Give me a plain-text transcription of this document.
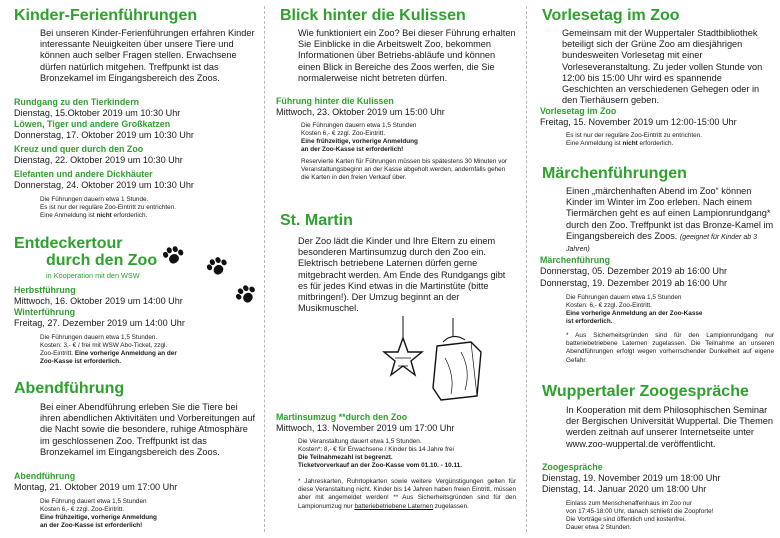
Kinder-Ferienführungen
Bei unseren Kinder-Ferienführungen erfahren Kinder interessante Neuigkeiten über unsere Tiere und können auch selber Fragen stellen. Erwachsene dürfen natürlich mitgehen. Treffpunkt ist das Bronzekamel im Eingangsbereich des Zoos.
Rundgang zu den Tierkindern
Dienstag, 15.Oktober 2019 um 10:30 Uhr
Löwen, Tiger und andere Großkatzen
Donnerstag, 17. Oktober 2019 um 10:30 Uhr
Kreuz und quer durch den Zoo
Dienstag, 22. Oktober 2019 um 10:30 Uhr
Elefanten und andere Dickhäuter
Donnerstag, 24. Oktober 2019 um 10:30 Uhr
Die Führungen dauern etwa 1 Stunde.
Es ist nur der reguläre Zoo-Eintritt zu entrichten.
Eine Anmeldung ist nicht erforderlich.
Entdeckertour
durch den Zoo
in Kooperation mit den WSW
Herbstführung
Mittwoch, 16. Oktober 2019 um 14:00 Uhr
Winterführung
Freitag, 27. Dezember 2019 um 14:00 Uhr
Die Führungen dauern etwa 1,5 Stunden.
Kosten: 3,- € / frei mit WSW Abo-Ticket, zzgl.
Zoo-Eintritt. Eine vorherige Anmeldung an der
Zoo-Kasse ist erforderlich.
Abendführung
Bei einer Abendführung erleben Sie die Tiere bei ihren abendlichen Aktivitäten und Vorbereitungen auf die Nacht sowie die besondere, ruhige Atmosphäre im geschlossenen Zoo. Treffpunkt ist das Bronzekamel im Eingangsbereich des Zoos.
Abendführung
Montag, 21. Oktober 2019 um 17:00 Uhr
Die Führung dauert etwa 1,5 Stunden
Kosten 6,- € zzgl. Zoo-Eintritt.
Eine frühzeitige, vorherige Anmeldung
an der Zoo-Kasse ist erforderlich!
Blick hinter die Kulissen
Wie funktioniert ein Zoo? Bei dieser Führung erhalten Sie Einblicke in die Arbeitswelt Zoo, bekommen Informationen über Betriebs-abläufe und können einen Blick in Bereiche des Zoos werfen, die Sie normalerweise nicht betreten dürfen.
Führung hinter die Kulissen
Mittwoch, 23. Oktober 2019 um 15:00 Uhr
Die Führungen dauern etwa 1,5 Stunden
Kosten 6,- € zzgl. Zoo-Eintritt.
Eine frühzeitige, vorherige Anmeldung
an der Zoo-Kasse ist erforderlich!
Reservierte Karten für Führungen müssen bis spätestens 30 Minuten vor Veranstaltungsbeginn an der Kasse abgeholt werden, andernfalls gehen die Karten in den freien Verkauf über.
St. Martin
Der Zoo lädt die Kinder und Ihre Eltern zu einem besonderen Martinsumzug durch den Zoo ein. Elektrisch betriebene Laternen dürfen gerne mitgebracht werden. Am Ende des Rundgangs gibt es für jedes Kind etwas in die Martinstüte (bitte mitbringen!). Der Umzug beginnt an der Musikmuschel.
Martinsumzug **durch den Zoo
Mittwoch, 13. November 2019 um 17:00 Uhr
Die Veranstaltung dauert etwa 1,5 Stunden.
Kosten*: 8,- € für Erwachsene / Kinder bis 14 Jahre frei
Die Teilnahmezahl ist begrenzt.
Ticketvorverkauf an der Zoo-Kasse vom 01.10. - 10.11.
* Jahreskarten, Ruhrtopkarten sowie weitere Vergünstigungen gelten für diese Veranstaltung nicht. Kinder bis 14 Jahren haben freien Eintritt, müssen aber mit angemeldet werden! ** Aus Sicherheitsgründen sind für den Lampionumzug nur batteriebetriebene Laternen zugelassen.
Vorlesetag im Zoo
Gemeinsam mit der Wuppertaler Stadtbibliothek beteiligt sich der Grüne Zoo am diesjährigen bundesweiten Vorlesetag mit einer Vorleseveranstaltung. Zu jeder vollen Stunde von 12:00 bis 15:00 Uhr wird es spannende Geschichten an verschiedenen Gehegen oder in den Tierhäusern geben.
Vorlesetag im Zoo
Freitag, 15. November 2019 um 12:00-15:00 Uhr
Es ist nur der reguläre Zoo-Eintritt zu entrichten.
Eine Anmeldung ist nicht erforderlich.
Märchenführungen
Einen „märchenhaften Abend im Zoo“ können Kinder im Winter im Zoo erleben. Nach einem Tiermärchen geht es auf einen Lampionrundgang* durch den Zoo. Treffpunkt ist das Bronze-Kamel im Eingangsbereich des Zoos. (geeignet für Kinder ab 3 Jahren)
Märchenführung
Donnerstag, 05. Dezember 2019 ab 16:00 Uhr
Donnerstag, 19. Dezember 2019 ab 16:00 Uhr
Die Führungen dauern etwa 1,5 Stunden
Kosten: 6,- € zzgl. Zoo-Eintritt.
Eine vorherige Anmeldung an der Zoo-Kasse
ist erforderlich.
* Aus Sicherheitsgründen sind für den Lampionrundgang nur batteriebetriebene Laternen zugelassen. Die Teilnahme an unseren Abendführungen erfolgt wegen vorherrschender Dunkelheit auf eigene Gefahr.
Wuppertaler Zoogespräche
In Kooperation mit dem Philosophischen Seminar der Bergischen Universität Wuppertal. Die Themen werden zeitnah auf unserer Internetseite unter www.zoo-wuppertal.de veröffentlicht.
Zoogespräche
Dienstag, 19. November 2019 um 18:00 Uhr
Dienstag, 14. Januar 2020 um 18:00 Uhr
Einlass zum Menschenaffenhaus im Zoo nur
von 17:45-18:00 Uhr, danach schließt die Zoopforte!
Die Vorträge sind öffentlich und kostenfrei.
Dauer etwa 2 Stunden.
